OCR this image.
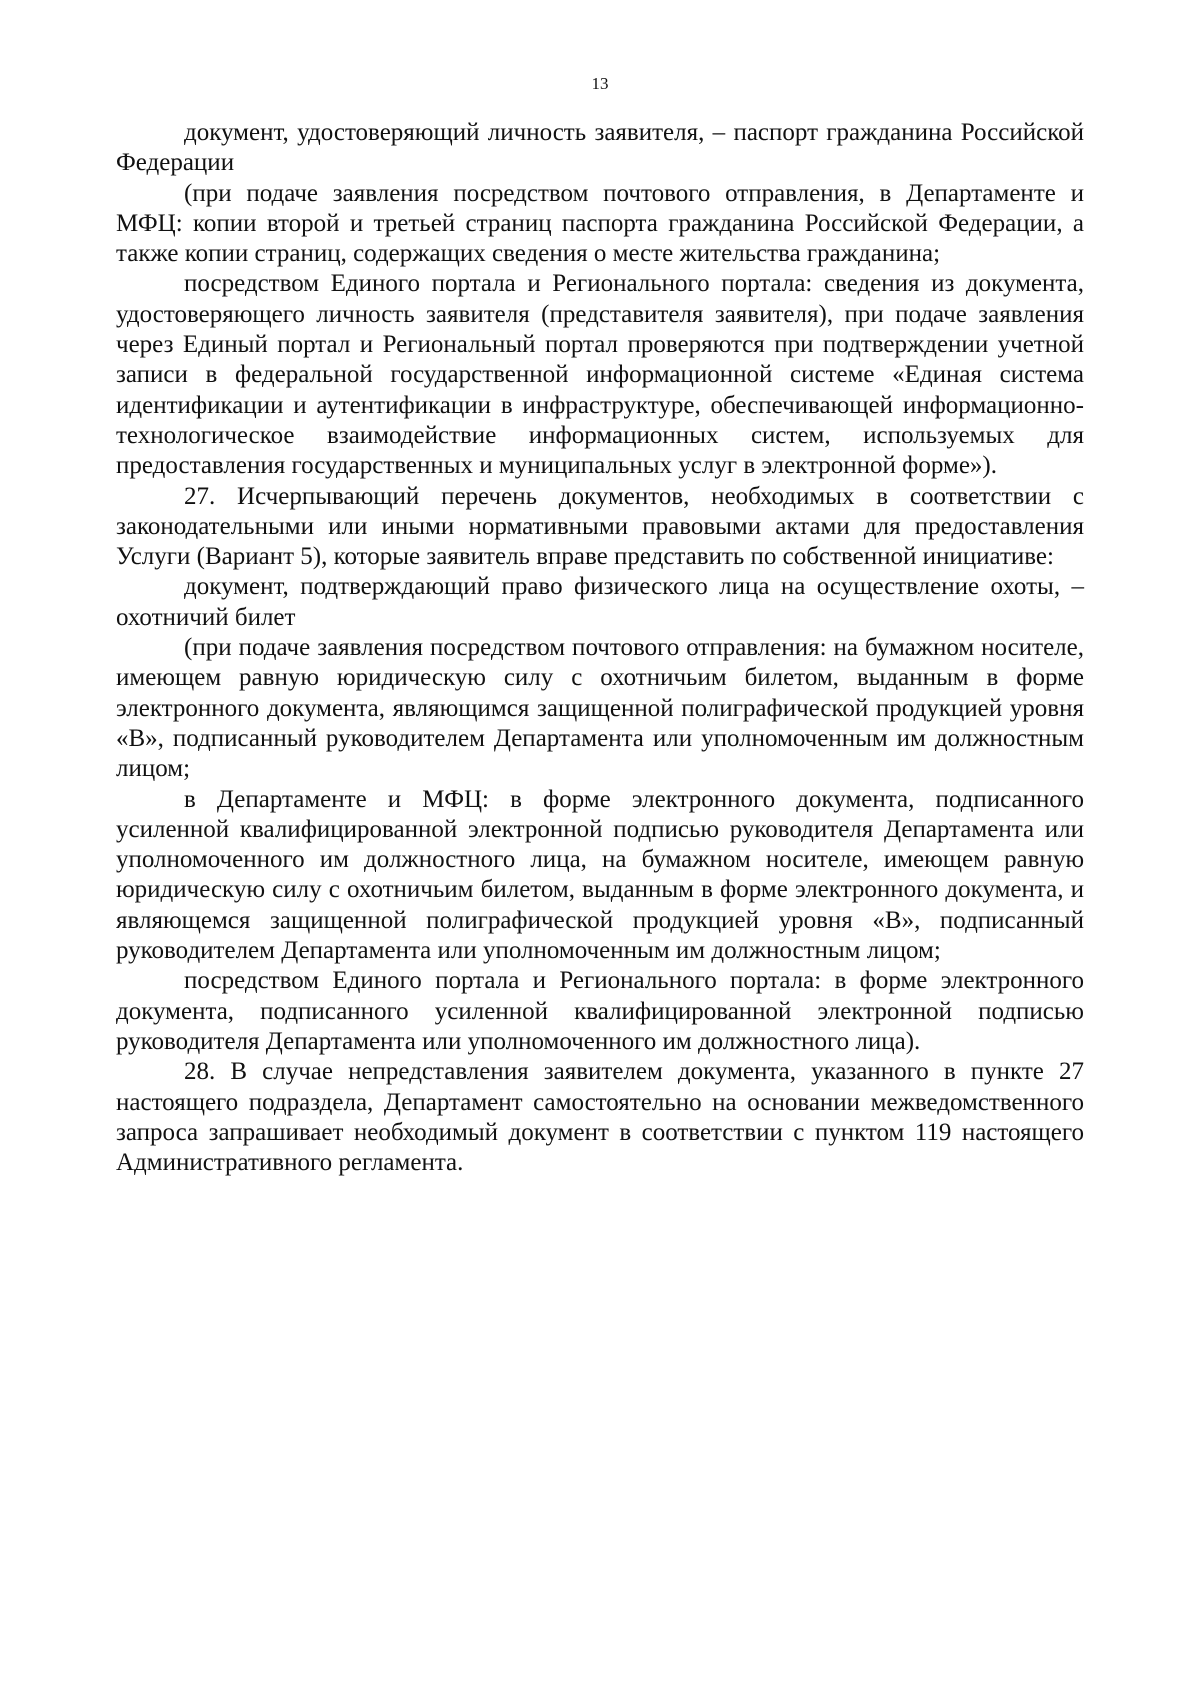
13

документ, удостоверяющий личность заявителя, – паспорт гражданина Российской Федерации

(при подаче заявления посредством почтового отправления, в Департаменте и МФЦ: копии второй и третьей страниц паспорта гражданина Российской Федерации, а также копии страниц, содержащих сведения о месте жительства гражданина;

посредством Единого портала и Регионального портала: сведения из документа, удостоверяющего личность заявителя (представителя заявителя), при подаче заявления через Единый портал и Региональный портал проверяются при подтверждении учетной записи в федеральной государственной информационной системе «Единая система идентификации и аутентификации в инфраструктуре, обеспечивающей информационно-технологическое взаимодействие информационных систем, используемых для предоставления государственных и муниципальных услуг в электронной форме»).

27. Исчерпывающий перечень документов, необходимых в соответствии с законодательными или иными нормативными правовыми актами для предоставления Услуги (Вариант 5), которые заявитель вправе представить по собственной инициативе:

документ, подтверждающий право физического лица на осуществление охоты, – охотничий билет

(при подаче заявления посредством почтового отправления: на бумажном носителе, имеющем равную юридическую силу с охотничьим билетом, выданным в форме электронного документа, являющимся защищенной полиграфической продукцией уровня «В», подписанный руководителем Департамента или уполномоченным им должностным лицом;

в Департаменте и МФЦ: в форме электронного документа, подписанного усиленной квалифицированной электронной подписью руководителя Департамента или уполномоченного им должностного лица, на бумажном носителе, имеющем равную юридическую силу с охотничьим билетом, выданным в форме электронного документа, и являющемся защищенной полиграфической продукцией уровня «В», подписанный руководителем Департамента или уполномоченным им должностным лицом;

посредством Единого портала и Регионального портала: в форме электронного документа, подписанного усиленной квалифицированной электронной подписью руководителя Департамента или уполномоченного им должностного лица).

28. В случае непредставления заявителем документа, указанного в пункте 27 настоящего подраздела, Департамент самостоятельно на основании межведомственного запроса запрашивает необходимый документ в соответствии с пунктом 119 настоящего Административного регламента.
